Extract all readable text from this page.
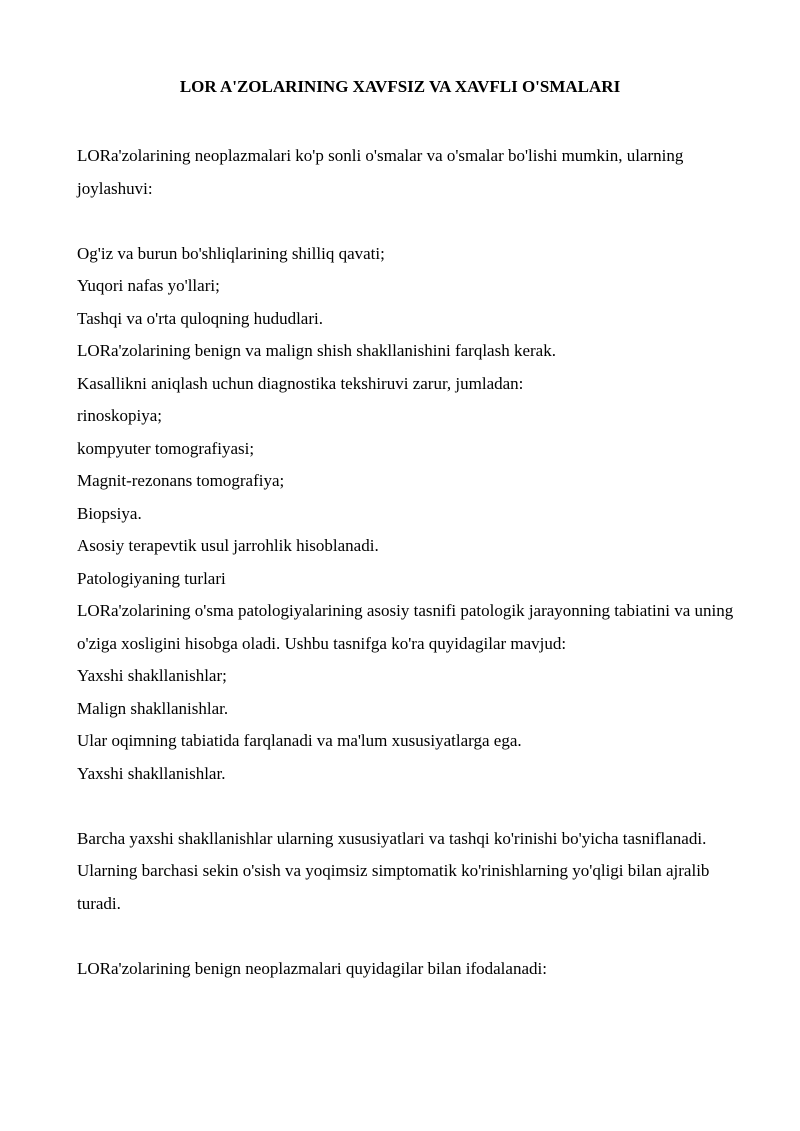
LOR A'ZOLARINING XAVFSIZ VA XAVFLI O'SMALARI

LORa'zolarining neoplazmalari ko'p sonli o'smalar va o'smalar bo'lishi mumkin, ularning joylashuvi:

Og'iz va burun bo'shliqlarining shilliq qavati;

Yuqori nafas yo'llari;

Tashqi va o'rta quloqning hududlari.

LORa'zolarining benign va malign shish shakllanishini farqlash kerak.

Kasallikni aniqlash uchun diagnostika tekshiruvi zarur, jumladan:

rinoskopiya;

kompyuter tomografiyasi;

Magnit-rezonans tomografiya;

Biopsiya.

Asosiy terapevtik usul jarrohlik hisoblanadi.

Patologiyaning turlari

LORa'zolarining o'sma patologiyalarining asosiy tasnifi patologik jarayonning tabiatini va uning o'ziga xosligini hisobga oladi. Ushbu tasnifga ko'ra quyidagilar mavjud:

Yaxshi shakllanishlar;

Malign shakllanishlar.

Ular oqimning tabiatida farqlanadi va ma'lum xususiyatlarga ega.

Yaxshi shakllanishlar.

Barcha yaxshi shakllanishlar ularning xususiyatlari va tashqi ko'rinishi bo'yicha tasniflanadi. Ularning barchasi sekin o'sish va yoqimsiz simptomatik ko'rinishlarning yo'qligi bilan ajralib turadi.

LORa'zolarining benign neoplazmalari quyidagilar bilan ifodalanadi:
